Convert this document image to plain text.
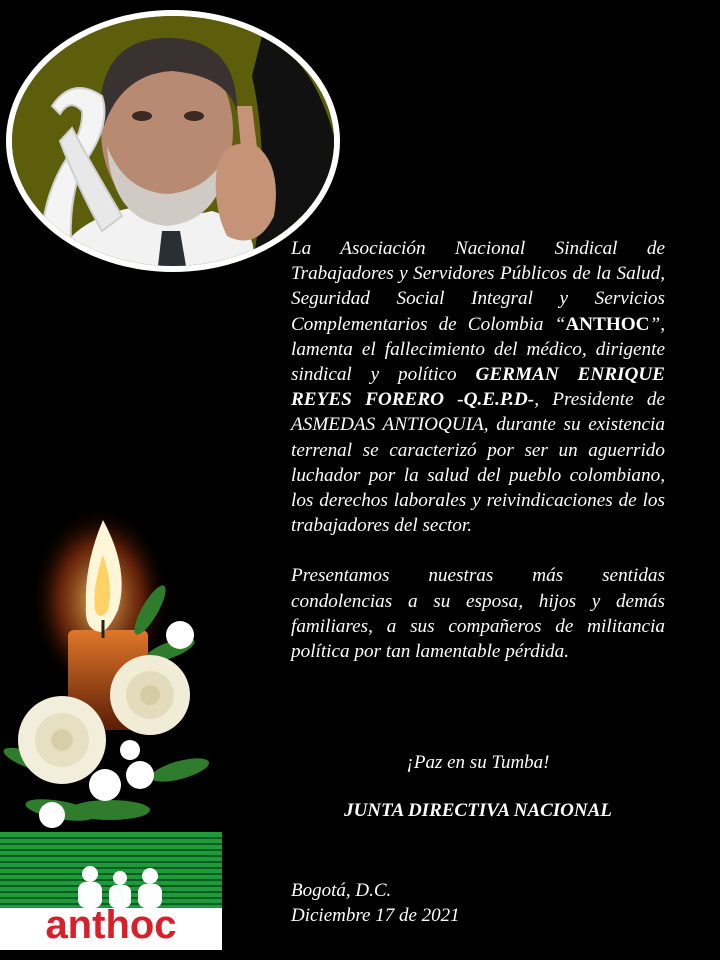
La Asociación Nacional Sindical de Trabajadores y Servidores Públicos de la Salud, Seguridad Social Integral y Servicios Complementarios de Colombia “ANTHOC”, lamenta el fallecimiento del médico, dirigente sindical y político GERMAN ENRIQUE REYES FORERO -Q.E.P.D-, Presidente de ASMEDAS ANTIOQUIA, durante su existencia terrenal se caracterizó por ser un aguerrido luchador por la salud del pueblo colombiano, los derechos laborales y reivindicaciones de los trabajadores del sector.

Presentamos nuestras más sentidas condolencias a su esposa, hijos y demás familiares, a sus compañeros de militancia política por tan lamentable pérdida.

¡Paz en su Tumba!
JUNTA DIRECTIVA NACIONAL
Bogotá, D.C.
Diciembre 17 de 2021
anthoc
